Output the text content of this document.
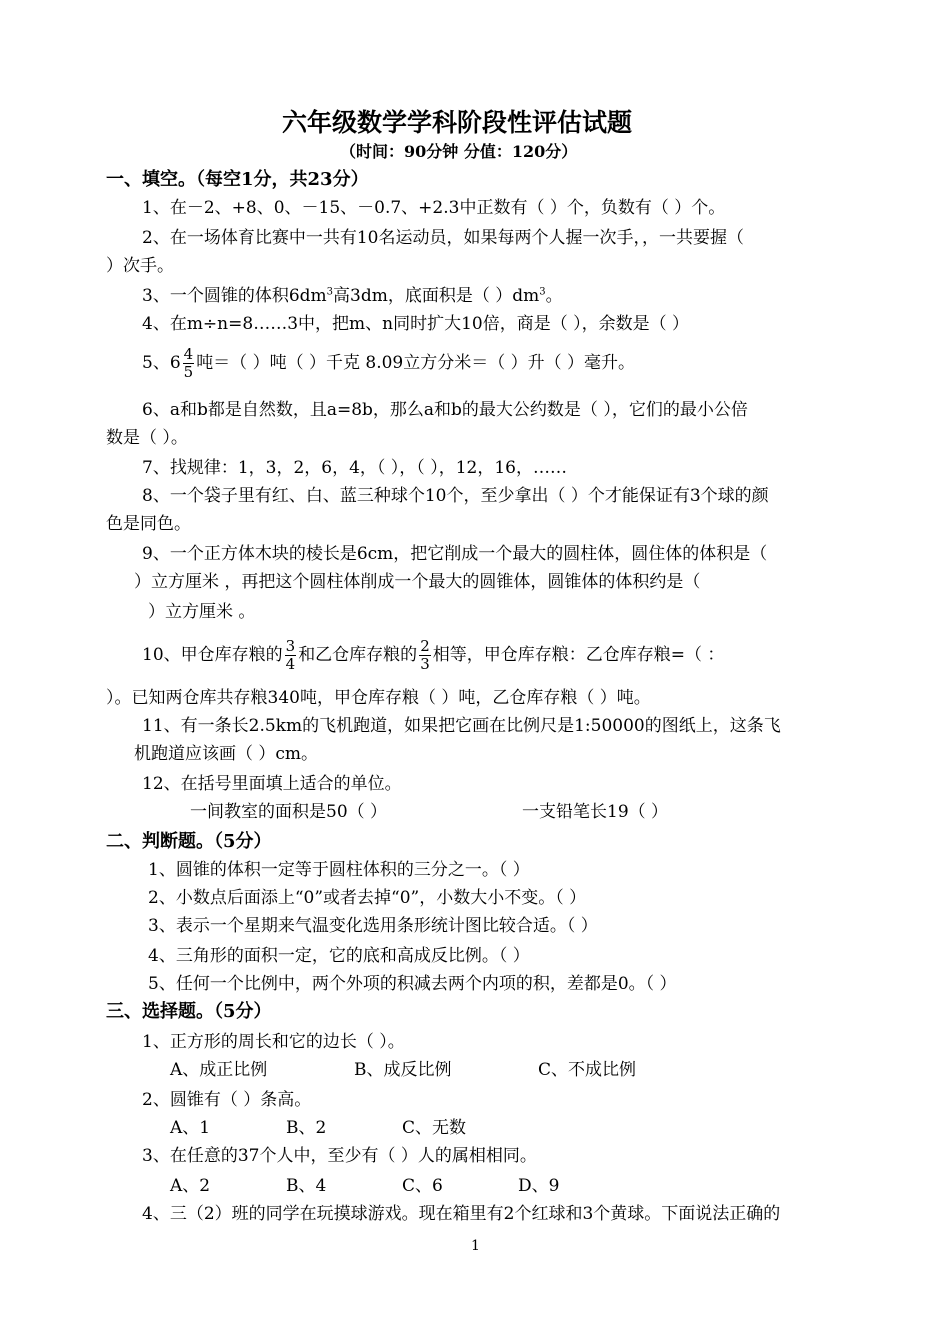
六年级数学学科阶段性评估试题
（时间：90分钟 分值：120分）
一、填空。（每空1分，共23分）
1、在－2、+8、0、－15、－0.7、+2.3中正数有（ ）个，负数有（ ）个。
2、在一场体育比赛中一共有10名运动员，如果每两个人握一次手，，一共要握（
）次手。
3、一个圆锥的体积$6dm^3$高3dm，底面积是（ ）$dm^3$。
4、在m÷n=8……3中，把m、n同时扩大10倍，商是（ ），余数是（ ）
5、$6 \frac{4}{5}$ 吨＝（ ）吨（ ）千克 8.09立方分米＝（ ）升（ ）毫升。
6、a和b都是自然数，且a=8b，那么a和b的最大公约数是（ ），它们的最小公倍
数是（ ）。
7、找规律：1，3，2，6，4，（ ），（ ），12，16，……
8、一个袋子里有红、白、蓝三种球个10个，至少拿出（ ）个才能保证有3个球的颜
色是同色。
9、一个正方体木块的棱长是6cm，把它削成一个最大的圆柱体，圆住体的体积是（
）立方厘米 ，再把这个圆柱体削成一个最大的圆锥体，圆锥体的体积约是（
）立方厘米 。
10、甲仓库存粮的 $\frac{3}{4}$ 和乙仓库存粮的 $\frac{2}{3}$ 相等，甲仓库存粮：乙仓库存粮=（ ：
）。已知两仓库共存粮340吨，甲仓库存粮（ ）吨，乙仓库存粮（ ）吨。
11、有一条长2.5km的飞机跑道，如果把它画在比例尺是1:50000的图纸上，这条飞
机跑道应该画（ ）cm。
12、在括号里面填上适合的单位。
一间教室的面积是50（ ）	一支铅笔长19（ ）
二、判断题。（5分）
1、圆锥的体积一定等于圆柱体积的三分之一。（ ）
2、小数点后面添上“0”或者去掉“0”，小数大小不变。（ ）
3、表示一个星期来气温变化选用条形统计图比较合适。（ ）
4、三角形的面积一定，它的底和高成反比例。（ ）
5、任何一个比例中，两个外项的积减去两个内项的积，差都是0。（ ）
三、选择题。（5分）
1、正方形的周长和它的边长（ ）。
A、成正比例	B、成反比例	C、不成比例
2、圆锥有（ ）条高。
A、1	B、2	C、无数
3、在任意的37个人中，至少有（ ）人的属相相同。
A、2	B、4	C、6	D、9
4、三（2）班的同学在玩摸球游戏。现在箱里有2个红球和3个黄球。下面说法正确的
1
